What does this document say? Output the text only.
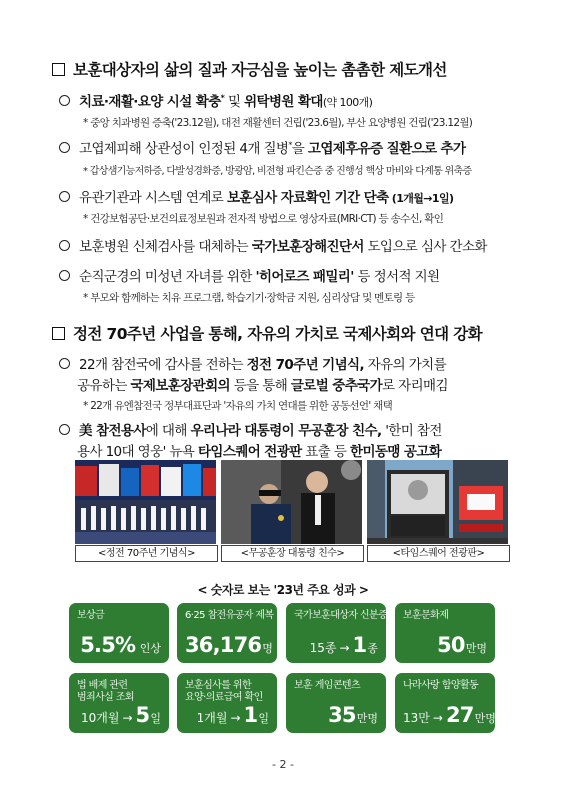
보훈대상자의 삶의 질과 자긍심을 높이는 촘촘한 제도개선
치료·재활·요양 시설 확충* 및 위탁병원 확대(약 100개)
* 중앙 치과병원 증축('23.12월), 대전 재활센터 건립('23.6월), 부산 요양병원 건립('23.12월)
고엽제피해 상관성이 인정된 4개 질병*을 고엽제후유증 질환으로 추가
* 갑상샘기능저하증, 다발성경화증, 방광암, 비전형 파킨슨증 중 진행성 핵상 마비와 다계통 위축증
유관기관과 시스템 연계로 보훈심사 자료확인 기간 단축 (1개월→1일)
* 건강보험공단·보건의료정보원과 전자적 방법으로 영상자료(MRI·CT) 등 송수신, 확인
보훈병원 신체검사를 대체하는 국가보훈장해진단서 도입으로 심사 간소화
순직군경의 미성년 자녀를 위한 '히어로즈 패밀리' 등 정서적 지원
* 부모와 함께하는 치유 프로그램, 학습기기·장학금 지원, 심리상담 및 멘토링 등
정전 70주년 사업을 통해, 자유의 가치로 국제사회와 연대 강화
22개 참전국에 감사를 전하는 정전 70주년 기념식, 자유의 가치를
공유하는 국제보훈장관회의 등을 통해 글로벌 중추국가로 자리매김
* 22개 유엔참전국 정부대표단과 '자유의 가치 연대를 위한 공동선언' 채택
美 참전용사에 대해 우리나라 대통령이 무공훈장 친수, '한미 참전
용사 10대 영웅' 뉴욕 타임스퀘어 전광판 표출 등 한미동맹 공고화
<정전 70주년 기념식>	<무공훈장 대통령 친수>	<타임스퀘어 전광판>
< 숫자로 보는 '23년 주요 성과 >
보상금
5.5% 인상
6·25 참전유공자 제복
36,176명
국가보훈대상자 신분증
15종 → 1종
보훈문화제
50만명
법 배제 관련
범죄사실 조회
10개월 → 5일
보훈심사를 위한
요양·의료급여 확인
1개월 → 1일
보훈 게임콘텐츠
35만명
나라사랑 함양활동
13만 → 27만명
- 2 -
